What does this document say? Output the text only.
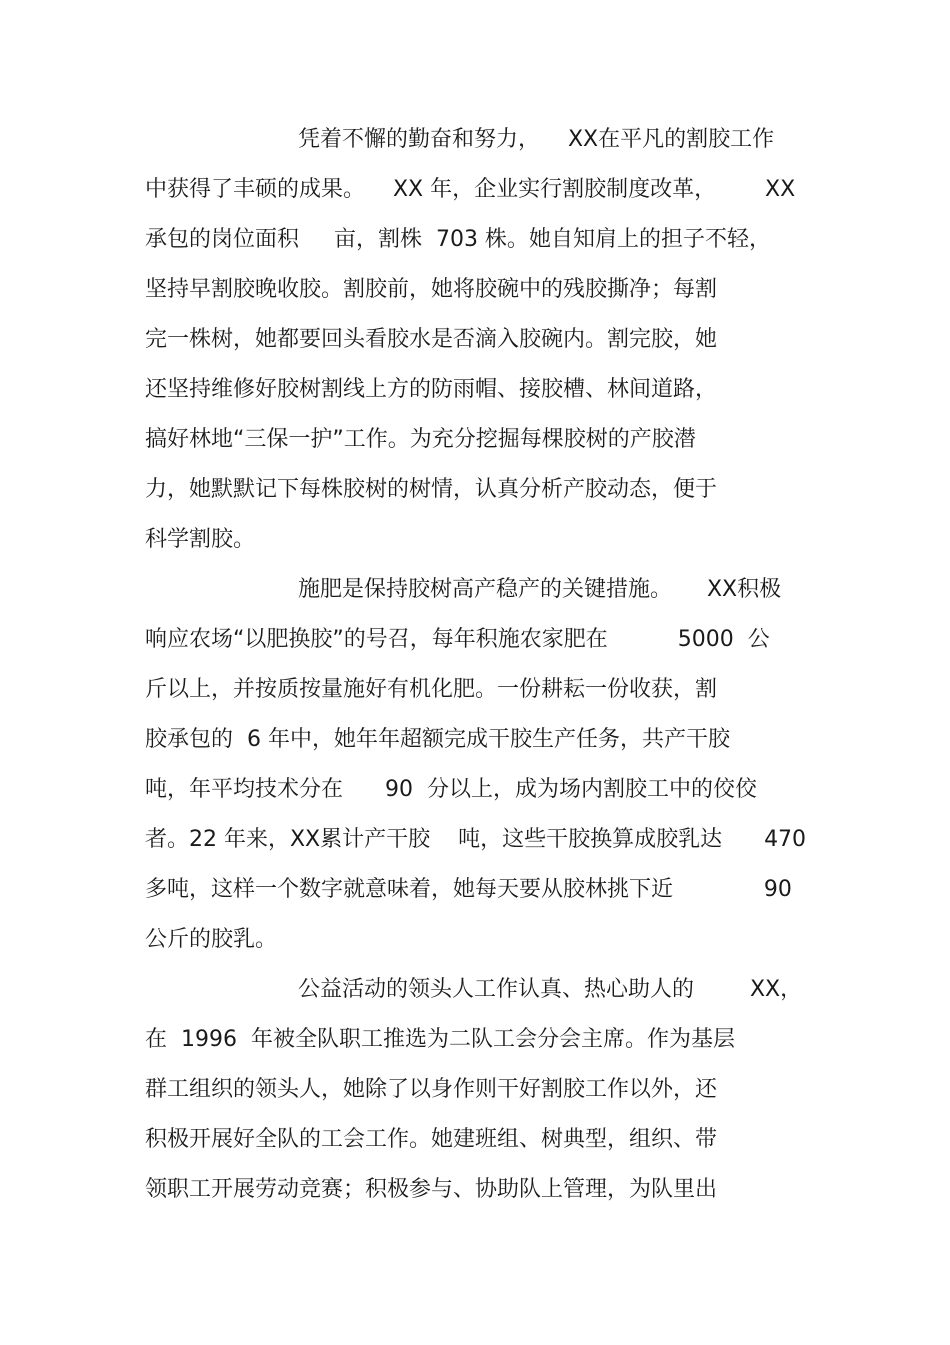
凭着不懈的勤奋和努力，    XX在平凡的割胶工作
中获得了丰硕的成果。    XX 年，企业实行割胶制度改革，       XX
承包的岗位面积     亩，割株  703 株。她自知肩上的担子不轻，
坚持早割胶晚收胶。割胶前，她将胶碗中的残胶撕净；每割
完一株树，她都要回头看胶水是否滴入胶碗内。割完胶，她
还坚持维修好胶树割线上方的防雨帽、接胶槽、林间道路，
搞好林地“三保一护”工作。为充分挖掘每棵胶树的产胶潜
力，她默默记下每株胶树的树情，认真分析产胶动态，便于
科学割胶。
施肥是保持胶树高产稳产的关键措施。     XX积极
响应农场“以肥换胶”的号召，每年积施农家肥在          5000  公
斤以上，并按质按量施好有机化肥。一份耕耘一份收获，割
胶承包的  6 年中，她年年超额完成干胶生产任务，共产干胶
吨，年平均技术分在      90  分以上，成为场内割胶工中的佼佼
者。22 年来，XX累计产干胶    吨，这些干胶换算成胶乳达      470
多吨，这样一个数字就意味着，她每天要从胶林挑下近             90
公斤的胶乳。
公益活动的领头人工作认真、热心助人的        XX，
在  1996  年被全队职工推选为二队工会分会主席。作为基层
群工组织的领头人，她除了以身作则干好割胶工作以外，还
积极开展好全队的工会工作。她建班组、树典型，组织、带
领职工开展劳动竞赛；积极参与、协助队上管理，为队里出
